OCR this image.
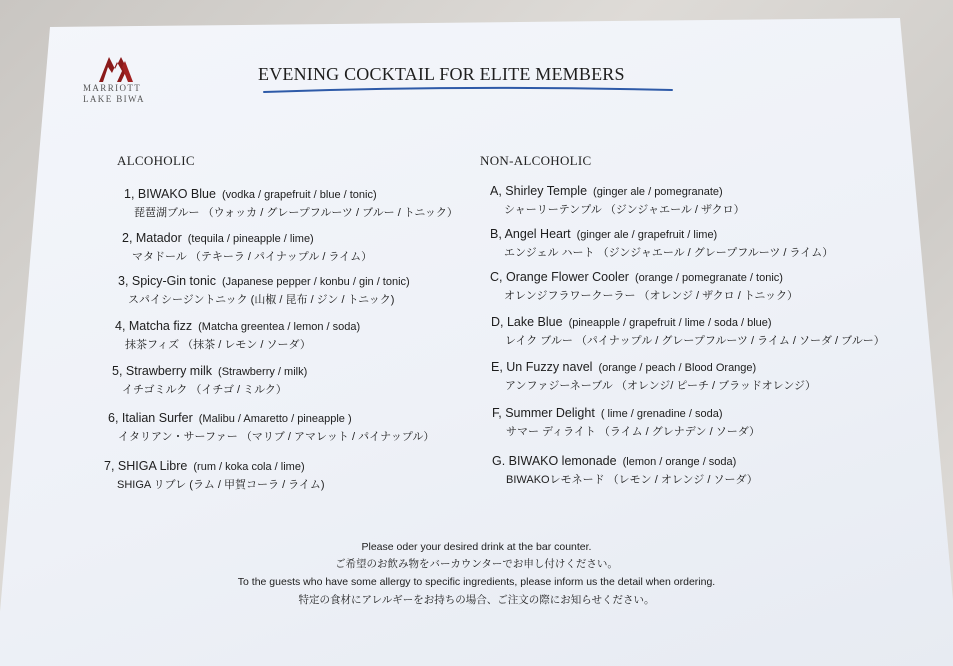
MARRIOTT
LAKE BIWA
EVENING COCKTAIL FOR ELITE MEMBERS
ALCOHOLIC	NON-ALCOHOLIC
1, BIWAKO Blue (vodka / grapefruit / blue / tonic)
琵琶湖ブルー （ウォッカ / グレープフルーツ / ブルー / トニック）
2, Matador (tequila / pineapple / lime)
マタドール （テキーラ / パイナップル / ライム）
3, Spicy-Gin tonic (Japanese pepper / konbu / gin / tonic)
スパイシージントニック (山椒 / 昆布 / ジン / トニック)
4, Matcha fizz (Matcha greentea / lemon / soda)
抹茶フィズ （抹茶 / レモン / ソーダ）
5, Strawberry milk (Strawberry / milk)
イチゴミルク （イチゴ / ミルク）
6, Italian Surfer (Malibu / Amaretto / pineapple )
イタリアン・サーファー （マリブ / アマレット / パイナップル）
7, SHIGA Libre (rum / koka cola / lime)
SHIGA リブレ (ラム / 甲賀コーラ / ライム)
A, Shirley Temple (ginger ale / pomegranate)
シャーリーテンプル （ジンジャエール / ザクロ）
B, Angel Heart (ginger ale / grapefruit / lime)
エンジェル ハート （ジンジャエール / グレープフルーツ / ライム）
C, Orange Flower Cooler (orange / pomegranate / tonic)
オレンジフラワークーラー （オレンジ / ザクロ / トニック）
D, Lake Blue (pineapple / grapefruit / lime / soda / blue)
レイク ブルー （パイナップル / グレープフルーツ / ライム / ソーダ / ブルー）
E, Un Fuzzy navel (orange / peach / Blood Orange)
アンファジーネーブル （オレンジ/ ピーチ / ブラッドオレンジ）
F, Summer Delight ( lime / grenadine / soda)
サマー ディライト （ライム / グレナデン / ソーダ）
G. BIWAKO lemonade (lemon / orange / soda)
BIWAKOレモネード （レモン / オレンジ / ソーダ）
Please oder your desired drink at the bar counter.
ご希望のお飲み物をバーカウンターでお申し付けください。
To the guests who have some allergy to specific ingredients, please inform us the detail when ordering.
特定の食材にアレルギーをお持ちの場合、ご注文の際にお知らせください。
